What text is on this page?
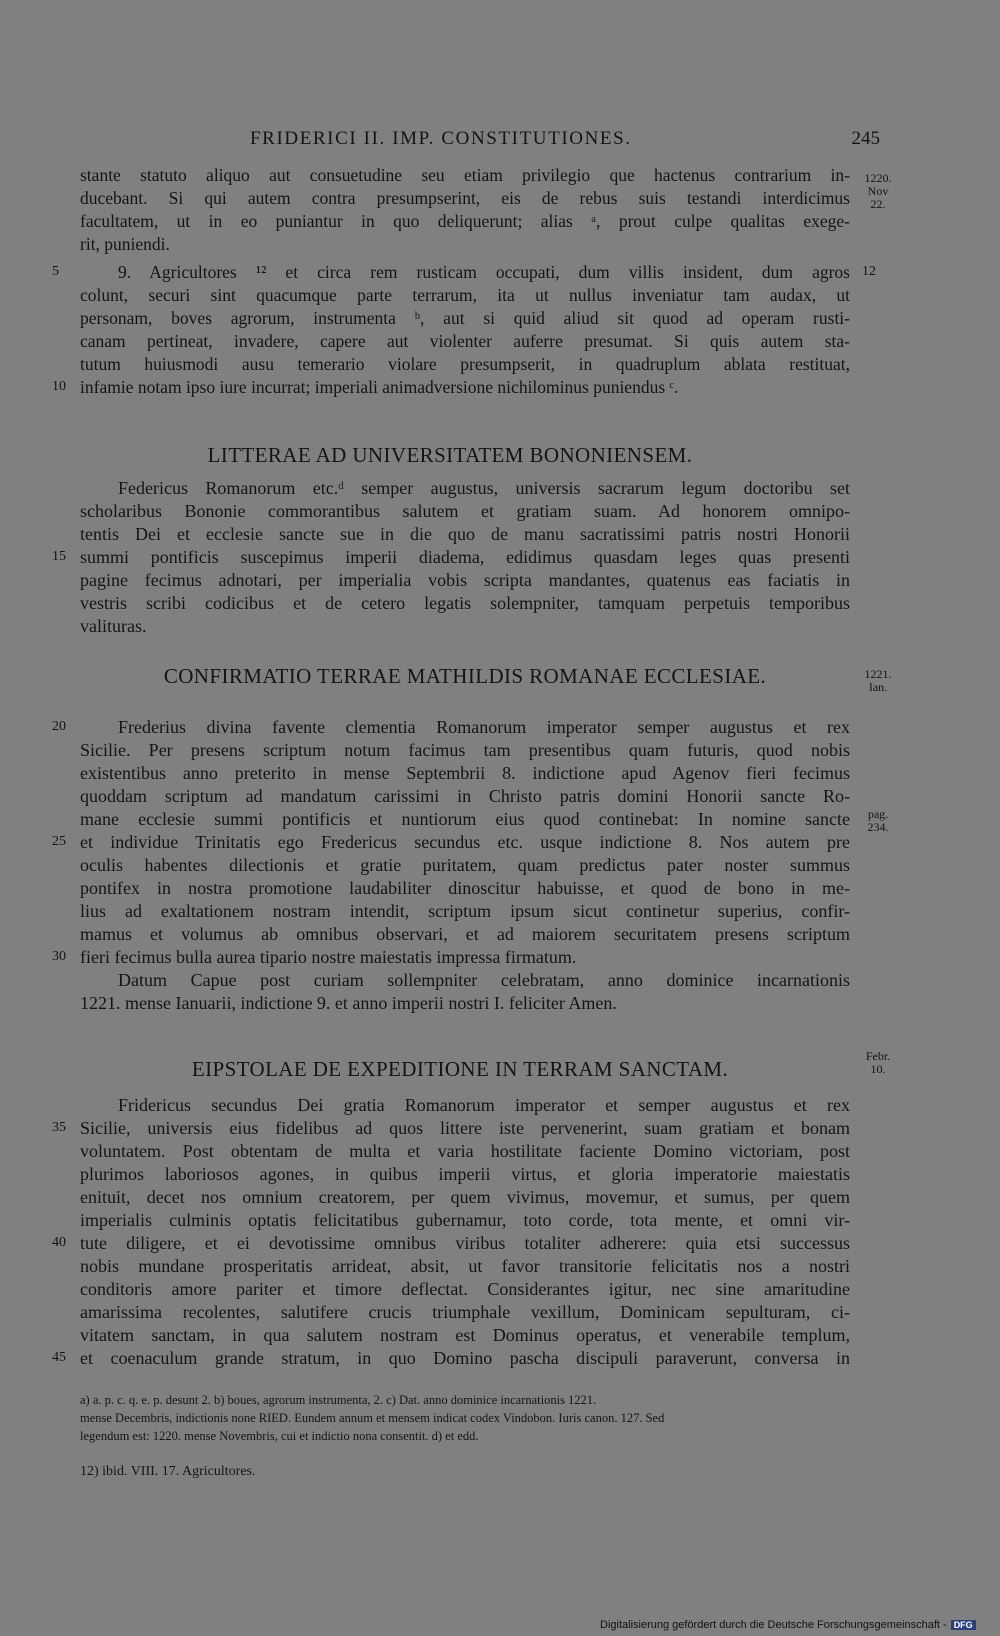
FRIDERICI II. IMP. CONSTITUTIONES.	245
1220.
Nov
22.
12
stante statuto aliquo aut consuetudine seu etiam privilegio que hactenus contrarium in-
ducebant. Si qui autem contra presumpserint, eis de rebus suis testandi interdicimus
facultatem, ut in eo puniantur in quo deliquerunt; alias ᵃ, prout culpe qualitas exege-
rit, puniendi.
5	9. Agricultores ¹² et circa rem rusticam occupati, dum villis insident, dum agros
colunt, securi sint quacumque parte terrarum, ita ut nullus inveniatur tam audax, ut
personam, boves agrorum, instrumenta ᵇ, aut si quid aliud sit quod ad operam rusti-
canam pertineat, invadere, capere aut violenter auferre presumat. Si quis autem sta-
tutum huiusmodi ausu temerario violare presumpserit, in quadruplum ablata restituat,
10 infamie notam ipso iure incurrat; imperiali animadversione nichilominus puniendus ᶜ.
LITTERAE AD UNIVERSITATEM BONONIENSEM.
Federicus Romanorum etc.ᵈ semper augustus, universis sacrarum legum doctoribu set
scholaribus Bononie commorantibus salutem et gratiam suam. Ad honorem omnipo-
tentis Dei et ecclesie sancte sue in die quo de manu sacratissimi patris nostri Honorii
15 summi pontificis suscepimus imperii diadema, edidimus quasdam leges quas presenti
pagine fecimus adnotari, per imperialia vobis scripta mandantes, quatenus eas faciatis in
vestris scribi codicibus et de cetero legatis solempniter, tamquam perpetuis temporibus
valituras.
CONFIRMATIO TERRAE MATHILDIS ROMANAE ECCLESIAE.	1221.
Ian.
20	Frederius divina favente clementia Romanorum imperator semper augustus et rex
Sicilie. Per presens scriptum notum facimus tam presentibus quam futuris, quod nobis
existentibus anno preterito in mense Septembrii 8. indictione apud Agenov fieri fecimus
quoddam scriptum ad mandatum carissimi in Christo patris domini Honorii sancte Ro-
mane ecclesie summi pontificis et nuntiorum eius quod continebat: In nomine sancte	pag.
234.
25 et individue Trinitatis ego Fredericus secundus etc. usque indictione 8. Nos autem pre
oculis habentes dilectionis et gratie puritatem, quam predictus pater noster summus
pontifex in nostra promotione laudabiliter dinoscitur habuisse, et quod de bono in me-
lius ad exaltationem nostram intendit, scriptum ipsum sicut continetur superius, confir-
mamus et volumus ab omnibus observari, et ad maiorem securitatem presens scriptum
30 fieri fecimus bulla aurea tipario nostre maiestatis impressa firmatum.
Datum Capue post curiam sollempniter celebratam, anno dominice incarnationis
1221. mense Ianuarii, indictione 9. et anno imperii nostri I. feliciter Amen.
EIPSTOLAE DE EXPEDITIONE IN TERRAM SANCTAM.
Febr.
10.
Fridericus secundus Dei gratia Romanorum imperator et semper augustus et rex
35 Sicilie, universis eius fidelibus ad quos littere iste pervenerint, suam gratiam et bonam
voluntatem. Post obtentam de multa et varia hostilitate faciente Domino victoriam, post
plurimos laboriosos agones, in quibus imperii virtus, et gloria imperatorie maiestatis
enituit, decet nos omnium creatorem, per quem vivimus, movemur, et sumus, per quem
imperialis culminis optatis felicitatibus gubernamur, toto corde, tota mente, et omni vir-
40 tute diligere, et ei devotissime omnibus viribus totaliter adherere: quia etsi successus
nobis mundane prosperitatis arrideat, absit, ut favor transitorie felicitatis nos a nostri
conditoris amore pariter et timore deflectat. Considerantes igitur, nec sine amaritudine
amarissima recolentes, salutifere crucis triumphale vexillum, Dominicam sepulturam, ci-
vitatem sanctam, in qua salutem nostram est Dominus operatus, et venerabile templum,
45 et coenaculum grande stratum, in quo Domino pascha discipuli paraverunt, conversa in
a) a. p. c. q. e. p. desunt 2. b) boues, agrorum instrumenta, 2. c) Dat. anno dominice incarnationis 1221.
mense Decembris, indictionis none RIED. Eundem annum et mensem indicat codex Vindobon. Iuris canon. 127. Sed
legendum est: 1220. mense Novembris, cui et indictio nona consentit. d) et edd.
12) ibid. VIII. 17. Agricultores.
Digitalisierung gefördert durch die Deutsche Forschungsgemeinschaft - DFG
